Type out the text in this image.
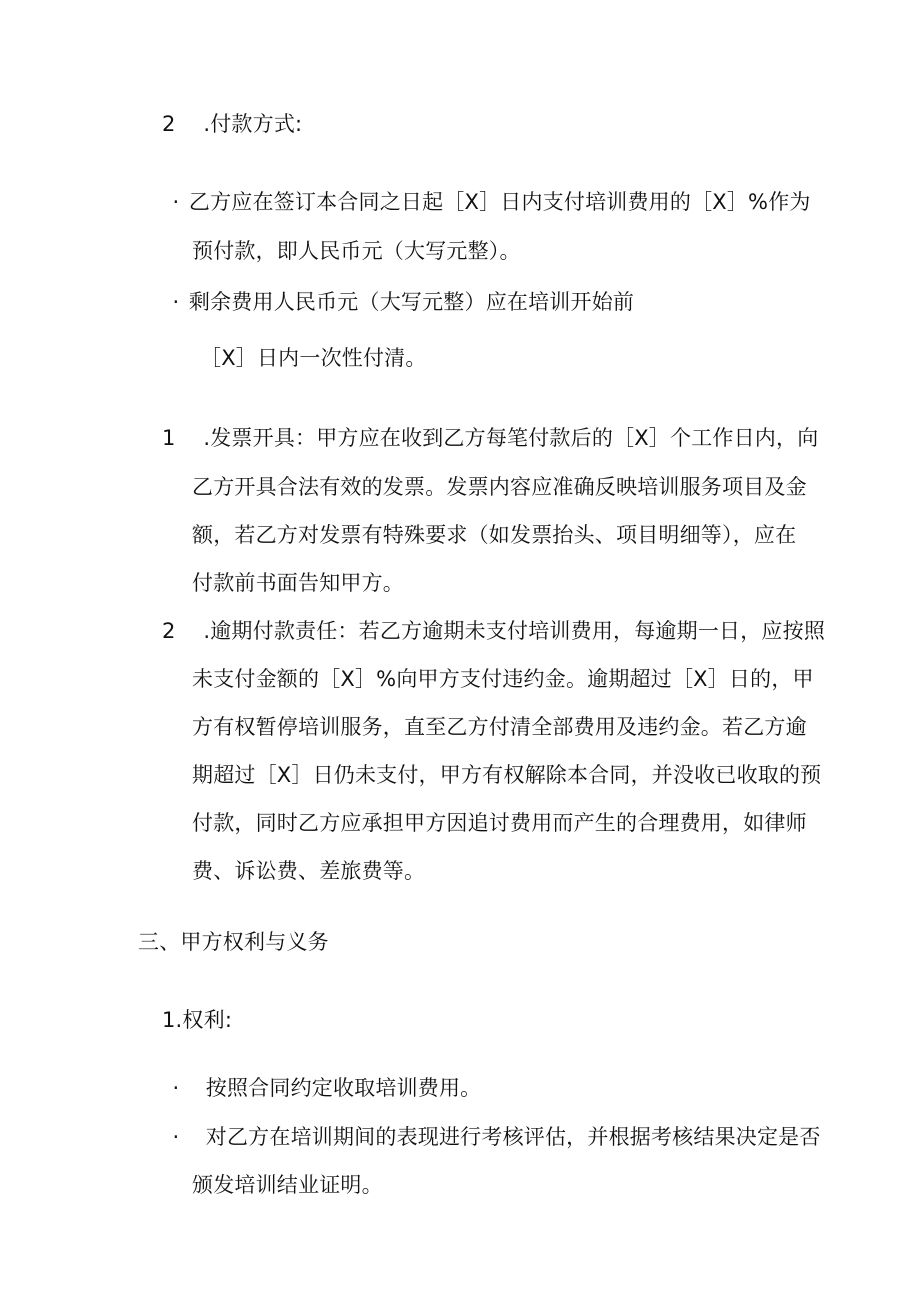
2 .付款方式:
· 乙方应在签订本合同之日起［X］日内支付培训费用的［X］%作为
预付款，即人民币元（大写元整）。
· 剩余费用人民币元（大写元整）应在培训开始前
［X］日内一次性付清。
1 .发票开具：甲方应在收到乙方每笔付款后的［X］个工作日内，向
乙方开具合法有效的发票。发票内容应准确反映培训服务项目及金
额，若乙方对发票有特殊要求（如发票抬头、项目明细等），应在
付款前书面告知甲方。
2 .逾期付款责任：若乙方逾期未支付培训费用，每逾期一日，应按照
未支付金额的［X］%向甲方支付违约金。逾期超过［X］日的，甲
方有权暂停培训服务，直至乙方付清全部费用及违约金。若乙方逾
期超过［X］日仍未支付，甲方有权解除本合同，并没收已收取的预
付款，同时乙方应承担甲方因追讨费用而产生的合理费用，如律师
费、诉讼费、差旅费等。
三、甲方权利与义务
1.权利:
· 按照合同约定收取培训费用。
· 对乙方在培训期间的表现进行考核评估，并根据考核结果决定是否
颁发培训结业证明。
